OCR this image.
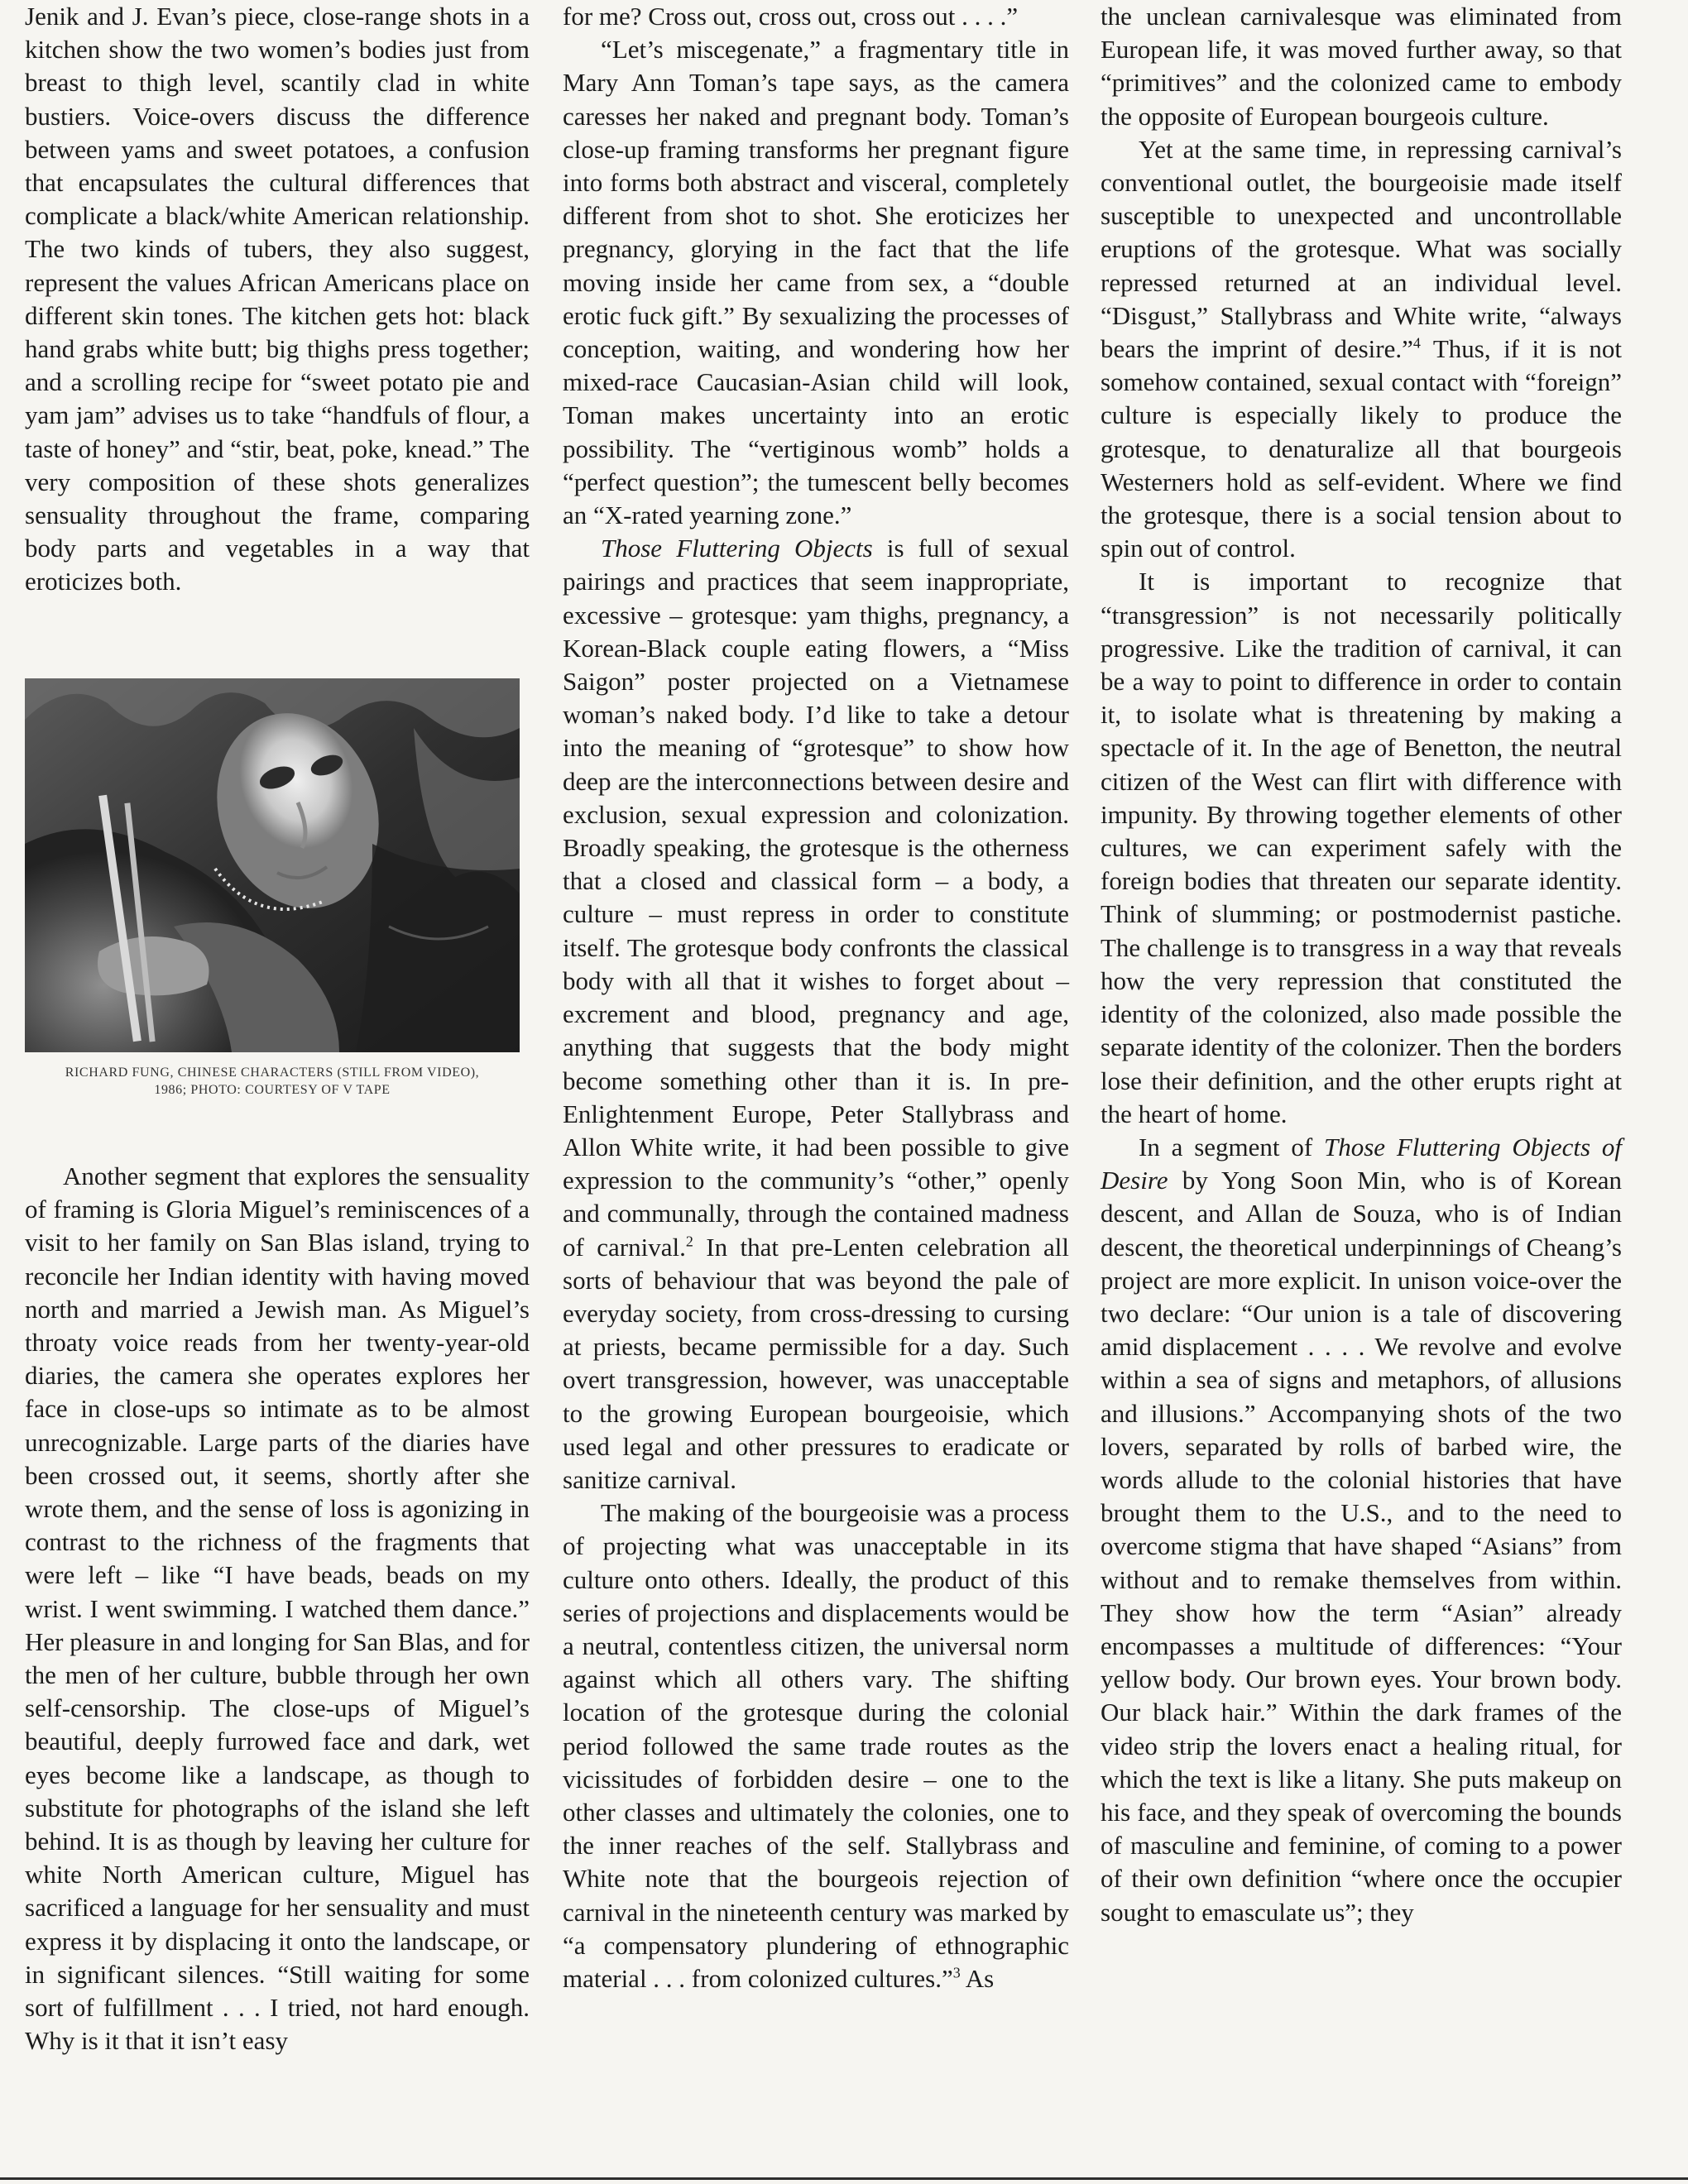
Jenik and J. Evan’s piece, close-range shots in a kitchen show the two women’s bodies just from breast to thigh level, scantily clad in white bustiers. Voice-overs discuss the difference between yams and sweet potatoes, a confusion that encapsulates the cultural differences that complicate a black/white American relationship. The two kinds of tubers, they also suggest, represent the values African Americans place on different skin tones. The kitchen gets hot: black hand grabs white butt; big thighs press together; and a scrolling recipe for “sweet potato pie and yam jam” advises us to take “handfuls of flour, a taste of honey” and “stir, beat, poke, knead.” The very composition of these shots generalizes sensuality throughout the frame, comparing body parts and vegetables in a way that eroticizes both.

Another segment that explores the sensuality of framing is Gloria Miguel’s reminiscences of a visit to her family on San Blas island, trying to reconcile her Indian identity with having moved north and married a Jewish man. As Miguel’s throaty voice reads from her twenty-year-old diaries, the camera she operates explores her face in close-ups so intimate as to be almost unrecognizable. Large parts of the diaries have been crossed out, it seems, shortly after she wrote them, and the sense of loss is agonizing in contrast to the richness of the fragments that were left – like “I have beads, beads on my wrist. I went swimming. I watched them dance.” Her pleasure in and longing for San Blas, and for the men of her culture, bubble through her own self-censorship. The close-ups of Miguel’s beautiful, deeply furrowed face and dark, wet eyes become like a landscape, as though to substitute for photographs of the island she left behind. It is as though by leaving her culture for white North American culture, Miguel has sacrificed a language for her sensuality and must express it by displacing it onto the landscape, or in significant silences. “Still waiting for some sort of fulfillment . . . I tried, not hard enough. Why is it that it isn’t easy

RICHARD FUNG, CHINESE CHARACTERS (STILL FROM VIDEO),
1986; PHOTO: COURTESY OF V TAPE

for me? Cross out, cross out, cross out . . . .”

“Let’s miscegenate,” a fragmentary title in Mary Ann Toman’s tape says, as the camera caresses her naked and pregnant body. Toman’s close-up framing transforms her pregnant figure into forms both abstract and visceral, completely different from shot to shot. She eroticizes her pregnancy, glorying in the fact that the life moving inside her came from sex, a “double erotic fuck gift.” By sexualizing the processes of conception, waiting, and wondering how her mixed-race Caucasian-Asian child will look, Toman makes uncertainty into an erotic possibility. The “vertiginous womb” holds a “perfect question”; the tumescent belly becomes an “X-rated yearning zone.”

Those Fluttering Objects is full of sexual pairings and practices that seem inappropriate, excessive – grotesque: yam thighs, pregnancy, a Korean-Black couple eating flowers, a “Miss Saigon” poster projected on a Vietnamese woman’s naked body. I’d like to take a detour into the meaning of “grotesque” to show how deep are the interconnections between desire and exclusion, sexual expression and colonization. Broadly speaking, the grotesque is the otherness that a closed and classical form – a body, a culture – must repress in order to constitute itself. The grotesque body confronts the classical body with all that it wishes to forget about – excrement and blood, pregnancy and age, anything that suggests that the body might become something other than it is. In pre-Enlightenment Europe, Peter Stallybrass and Allon White write, it had been possible to give expression to the community’s “other,” openly and communally, through the contained madness of carnival.$^2$ In that pre-Lenten celebration all sorts of behaviour that was beyond the pale of everyday society, from cross-dressing to cursing at priests, became permissible for a day. Such overt transgression, however, was unacceptable to the growing European bourgeoisie, which used legal and other pressures to eradicate or sanitize carnival.

The making of the bourgeoisie was a process of projecting what was unacceptable in its culture onto others. Ideally, the product of this series of projections and displacements would be a neutral, contentless citizen, the universal norm against which all others vary. The shifting location of the grotesque during the colonial period followed the same trade routes as the vicissitudes of forbidden desire – one to the other classes and ultimately the colonies, one to the inner reaches of the self. Stallybrass and White note that the bourgeois rejection of carnival in the nineteenth century was marked by “a compensatory plundering of ethnographic material . . . from colonized cultures.”$^3$ As

the unclean carnivalesque was eliminated from European life, it was moved further away, so that “primitives” and the colonized came to embody the opposite of European bourgeois culture.

Yet at the same time, in repressing carnival’s conventional outlet, the bourgeoisie made itself susceptible to unexpected and uncontrollable eruptions of the grotesque. What was socially repressed returned at an individual level. “Disgust,” Stallybrass and White write, “always bears the imprint of desire.”$^4$ Thus, if it is not somehow contained, sexual contact with “foreign” culture is especially likely to produce the grotesque, to denaturalize all that bourgeois Westerners hold as self-evident. Where we find the grotesque, there is a social tension about to spin out of control.

It is important to recognize that “transgression” is not necessarily politically progressive. Like the tradition of carnival, it can be a way to point to difference in order to contain it, to isolate what is threatening by making a spectacle of it. In the age of Benetton, the neutral citizen of the West can flirt with difference with impunity. By throwing together elements of other cultures, we can experiment safely with the foreign bodies that threaten our separate identity. Think of slumming; or postmodernist pastiche. The challenge is to transgress in a way that reveals how the very repression that constituted the identity of the colonized, also made possible the separate identity of the colonizer. Then the borders lose their definition, and the other erupts right at the heart of home.

In a segment of Those Fluttering Objects of Desire by Yong Soon Min, who is of Korean descent, and Allan de Souza, who is of Indian descent, the theoretical underpinnings of Cheang’s project are more explicit. In unison voice-over the two declare: “Our union is a tale of discovering amid displacement . . . . We revolve and evolve within a sea of signs and metaphors, of allusions and illusions.” Accompanying shots of the two lovers, separated by rolls of barbed wire, the words allude to the colonial histories that have brought them to the U.S., and to the need to overcome stigma that have shaped “Asians” from without and to remake themselves from within. They show how the term “Asian” already encompasses a multitude of differences: “Your yellow body. Our brown eyes. Your brown body. Our black hair.” Within the dark frames of the video strip the lovers enact a healing ritual, for which the text is like a litany. She puts makeup on his face, and they speak of overcoming the bounds of masculine and feminine, of coming to a power of their own definition “where once the occupier sought to emasculate us”; they
